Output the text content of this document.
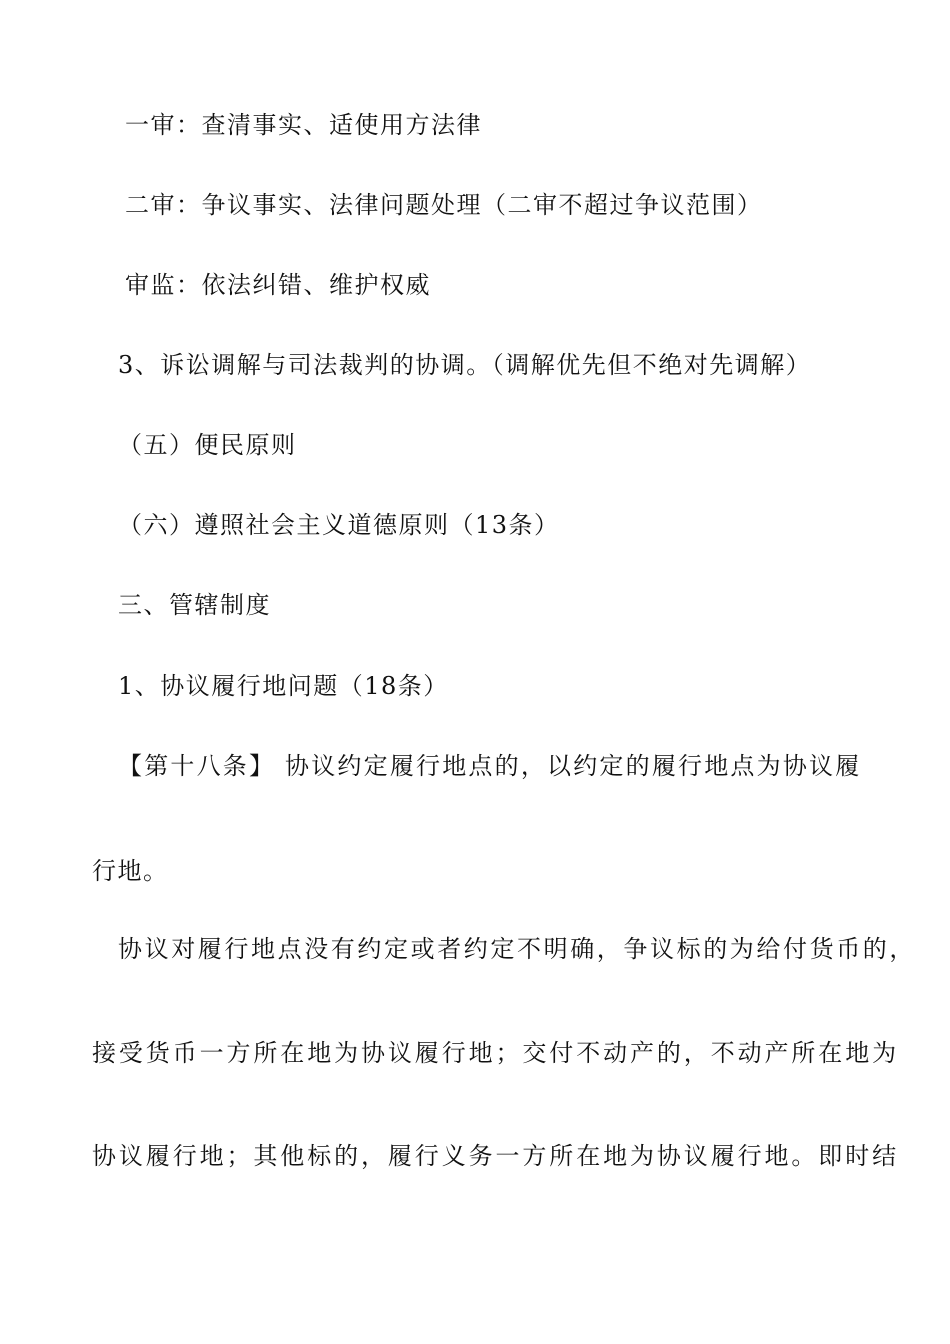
一审：查清事实、适使用方法律
二审：争议事实、法律问题处理（二审不超过争议范围）
审监：依法纠错、维护权威
3、诉讼调解与司法裁判的协调。（调解优先但不绝对先调解）
（五）便民原则
（六）遵照社会主义道德原则（13条）
三、管辖制度
1、协议履行地问题（18条）
【第十八条】 协议约定履行地点的，以约定的履行地点为协议履
行地。
协议对履行地点没有约定或者约定不明确，争议标的为给付货币的，
接受货币一方所在地为协议履行地；交付不动产的，不动产所在地为
协议履行地；其他标的，履行义务一方所在地为协议履行地。即时结
